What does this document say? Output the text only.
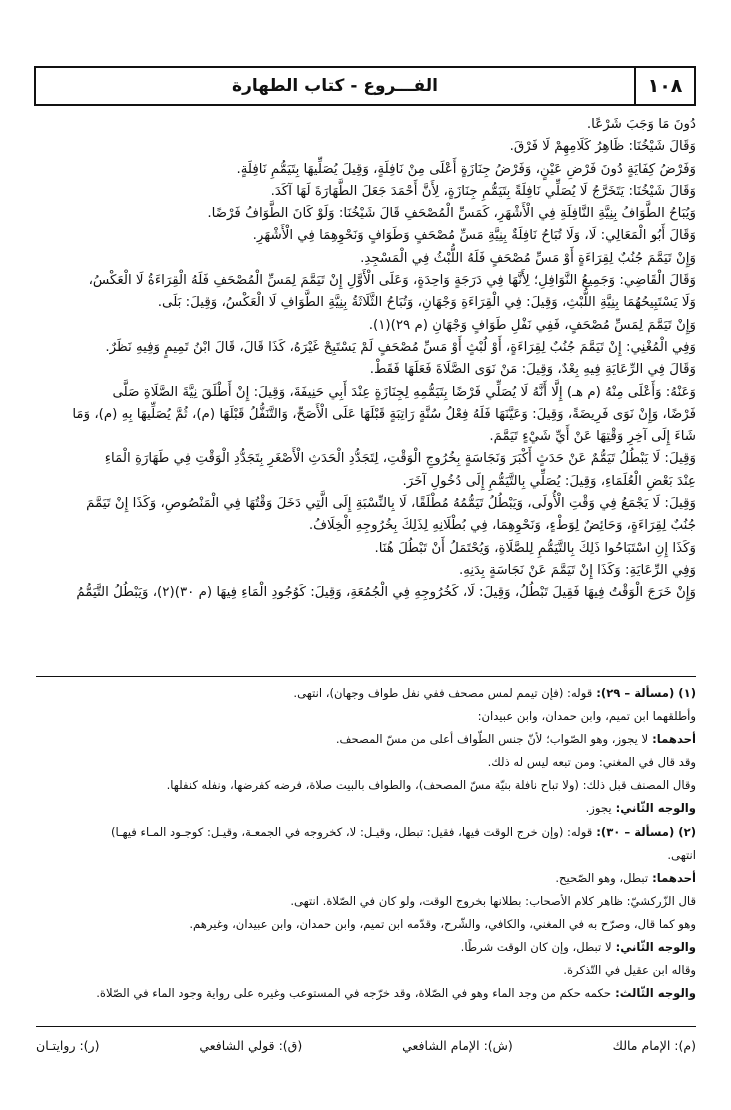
١٠٨
الفـــروع - كتاب الطهارة

دُونَ مَا وَجَبَ شَرْعًا.

وَقَالَ شَيْخُنَا: ظَاهِرُ كَلَامِهِمْ لَا فَرْقَ.

وَفَرْضُ كِفَايَةٍ دُونَ فَرْضِ عَيْنٍ، وَفَرْضُ جِنَازَةٍ أَعْلَى مِنْ نَافِلَةٍ، وَقِيلَ يُصَلِّيهَا بِتَيَمُّمِ نَافِلَةٍ.

وَقَالَ شَيْخُنَا: يَتَخَرَّجُ لَا يُصَلِّي نَافِلَةً بِتَيَمُّمِ جِنَازَةٍ، لِأَنَّ أَحْمَدَ جَعَلَ الطَّهَارَةَ لَهَا آكَدَ.

وَيُبَاحُ الطَّوَافُ بِنِيَّةِ النَّافِلَةِ فِي الْأَشْهَرِ، كَمَسِّ الْمُصْحَفِ قَالَ شَيْخُنَا: وَلَوْ كَانَ الطَّوَافُ فَرْضًا.

وَقَالَ أَبُو الْمَعَالِي: لَا، وَلَا تُبَاحُ نَافِلَةٌ بِنِيَّةِ مَسِّ مُصْحَفٍ وَطَوَافٍ وَنَحْوِهِمَا فِي الْأَشْهَرِ.

وَإِنْ تَيَمَّمَ جُنُبٌ لِقِرَاءَةٍ أَوْ مَسِّ مُصْحَفٍ فَلَهُ اللُّبْثُ فِي الْمَسْجِدِ.

وَقَالَ الْقَاضِي: وَجَمِيعُ النَّوَافِلِ؛ لِأَنَّهَا فِي دَرَجَةٍ وَاحِدَةٍ، وَعَلَى الْأَوَّلِ إِنْ تَيَمَّمَ لِمَسِّ الْمُصْحَفِ فَلَهُ الْقِرَاءَةُ لَا الْعَكْسُ،

وَلَا يَسْتَبِيحُهُمَا بِنِيَّةِ اللُّبْثِ، وَقِيلَ: فِي الْقِرَاءَةِ وَجْهَانِ، وَتُبَاحُ الثَّلَاثَةُ بِنِيَّةِ الطَّوَافِ لَا الْعَكْسُ، وَقِيلَ: بَلَى.

وَإِنْ تَيَمَّمَ لِمَسِّ مُصْحَفٍ، فَفِي نَفْلِ طَوَافٍ وَجْهَانِ (م ٢٩)(١).

وَفِي الْمُغْنِي: إِنْ تَيَمَّمَ جُنُبٌ لِقِرَاءَةٍ، أَوْ لُبْثٍ أَوْ مَسِّ مُصْحَفٍ لَمْ يَسْتَبِحْ غَيْرَهُ، كَذَا قَالَ، قَالَ ابْنُ تَمِيمٍ وَفِيهِ نَظَرٌ.

وَقَالَ فِي الرِّعَايَةِ فِيهِ بِعْدٌ، وَقِيلَ: مَنْ نَوَى الصَّلَاةَ فَعَلَهَا فَقَطْ.

وَعَنْهُ: وَأَعْلَى مِنْهُ (م هـ) إِلَّا أَنَّهُ لَا يُصَلِّي فَرْضًا بِتَيَمُّمِهِ لِجِنَازَةٍ عِنْدَ أَبِي حَنِيفَةَ، وَقِيلَ: إِنْ أَطْلَقَ نِيَّةَ الصَّلَاةِ صَلَّى

فَرْضًا، وَإِنْ نَوَى فَرِيضَةً، وَقِيلَ: وَعَيَّنَهَا فَلَهُ فِعْلُ سُنَّةٍ رَاتِبَةٍ قَبْلَهَا عَلَى الْأَصَحِّ، وَالتَّنَفُّلُ قَبْلَهَا (م)، ثُمَّ يُصَلِّيهَا بِهِ (م)، وَمَا

شَاءَ إِلَى آخِرِ وَقْتِهَا عَنْ أَيِّ شَيْءٍ تَيَمَّمَ.

وَقِيلَ: لَا يَبْطُلُ تَيَمُّمٌ عَنْ حَدَثٍ أَكْبَرَ وَنَجَاسَةٍ بِخُرُوجِ الْوَقْتِ، لِتَجَدُّدِ الْحَدَثِ الْأَصْغَرِ بِتَجَدُّدِ الْوَقْتِ فِي طَهَارَةِ الْمَاءِ

عِنْدَ بَعْضِ الْعُلَمَاءِ، وَقِيلَ: يُصَلِّي بِالتَّيَمُّمِ إِلَى دُخُولِ آخَرَ.

وَقِيلَ: لَا يَجْمَعُ فِي وَقْتِ الْأُولَى، وَيَبْطُلُ تَيَمُّمُهُ مُطْلَقًا، لَا بِالنِّسْبَةِ إِلَى الَّتِي دَخَلَ وَقْتُهَا فِي الْمَنْصُوصِ، وَكَذَا إِنْ تَيَمَّمَ

جُنُبٌ لِقِرَاءَةٍ، وَحَائِضٌ لِوَطْءٍ، وَنَحْوِهِمَا، فِي بُطْلَانِهِ لِذَلِكَ بِخُرُوجِهِ الْخِلَافُ.

وَكَذَا إِنِ اسْتَبَاحُوا ذَلِكَ بِالتَّيَمُّمِ لِلصَّلَاةِ، وَيُحْتَمَلُ أَنْ تَبْطُلَ هُنَا.

وَفِي الرِّعَايَةِ: وَكَذَا إِنْ تَيَمَّمَ عَنْ نَجَاسَةٍ بِدَنِهِ.

وَإِنْ خَرَجَ الْوَقْتُ فِيهَا فَقِيلَ تَبْطُلُ، وَقِيلَ: لَا، كَخُرُوجِهِ فِي الْجُمُعَةِ، وَقِيلَ: كَوُجُودِ الْمَاءِ فِيهَا (م ٣٠)(٢)، وَيَبْطُلُ التَّيَمُّمُ

(١) (مسألة – ٢٩): قوله: (فإن تيمم لمس مصحف ففي نفل طواف وجهان)، انتهى.

وأطلقهما ابن تميم، وابن حمدان، وابن عبيدان:

أحدهما: لا يجوز، وهو الصّواب؛ لأنّ جنس الطّواف أعلى من مسّ المصحف.

وقد قال في المغني: ومن تبعه ليس له ذلك.

وقال المصنف قبل ذلك: (ولا تباح نافلة بنيّة مسّ المصحف)، والطواف بالبيت صلاة، فرضه كفرضها، ونفله كنفلها.

والوجه الثّاني: يجوز.

(٢) (مسألة – ٣٠): قوله: (وإن خرج الوقت فيها، فقيل: تبطل، وقيـل: لا، كخروجه في الجمعـة، وقيـل: كوجـود المـاء فيهـا)

انتهى.

أحدهما: تبطل، وهو الصّحيح.

قال الزّركشيّ: ظاهر كلام الأصحاب: بطلانها بخروج الوقت، ولو كان في الصّلاة. انتهى.

وهو كما قال، وصرّح به في المغني، والكافي، والشّرح، وقدّمه ابن تميم، وابن حمدان، وابن عبيدان، وغيرهم.

والوجه الثّاني: لا تبطل، وإن كان الوقت شرطًا.

وقاله ابن عقيل في التّذكرة.

والوجه الثّالث: حكمه حكم من وجد الماء وهو في الصّلاة، وقد خرّجه في المستوعب وغيره على رواية وجود الماء في الصّلاة.

(م): الإمام مالك
(ش): الإمام الشافعي
(ق): قولي الشافعي
(ر): روايتـان
